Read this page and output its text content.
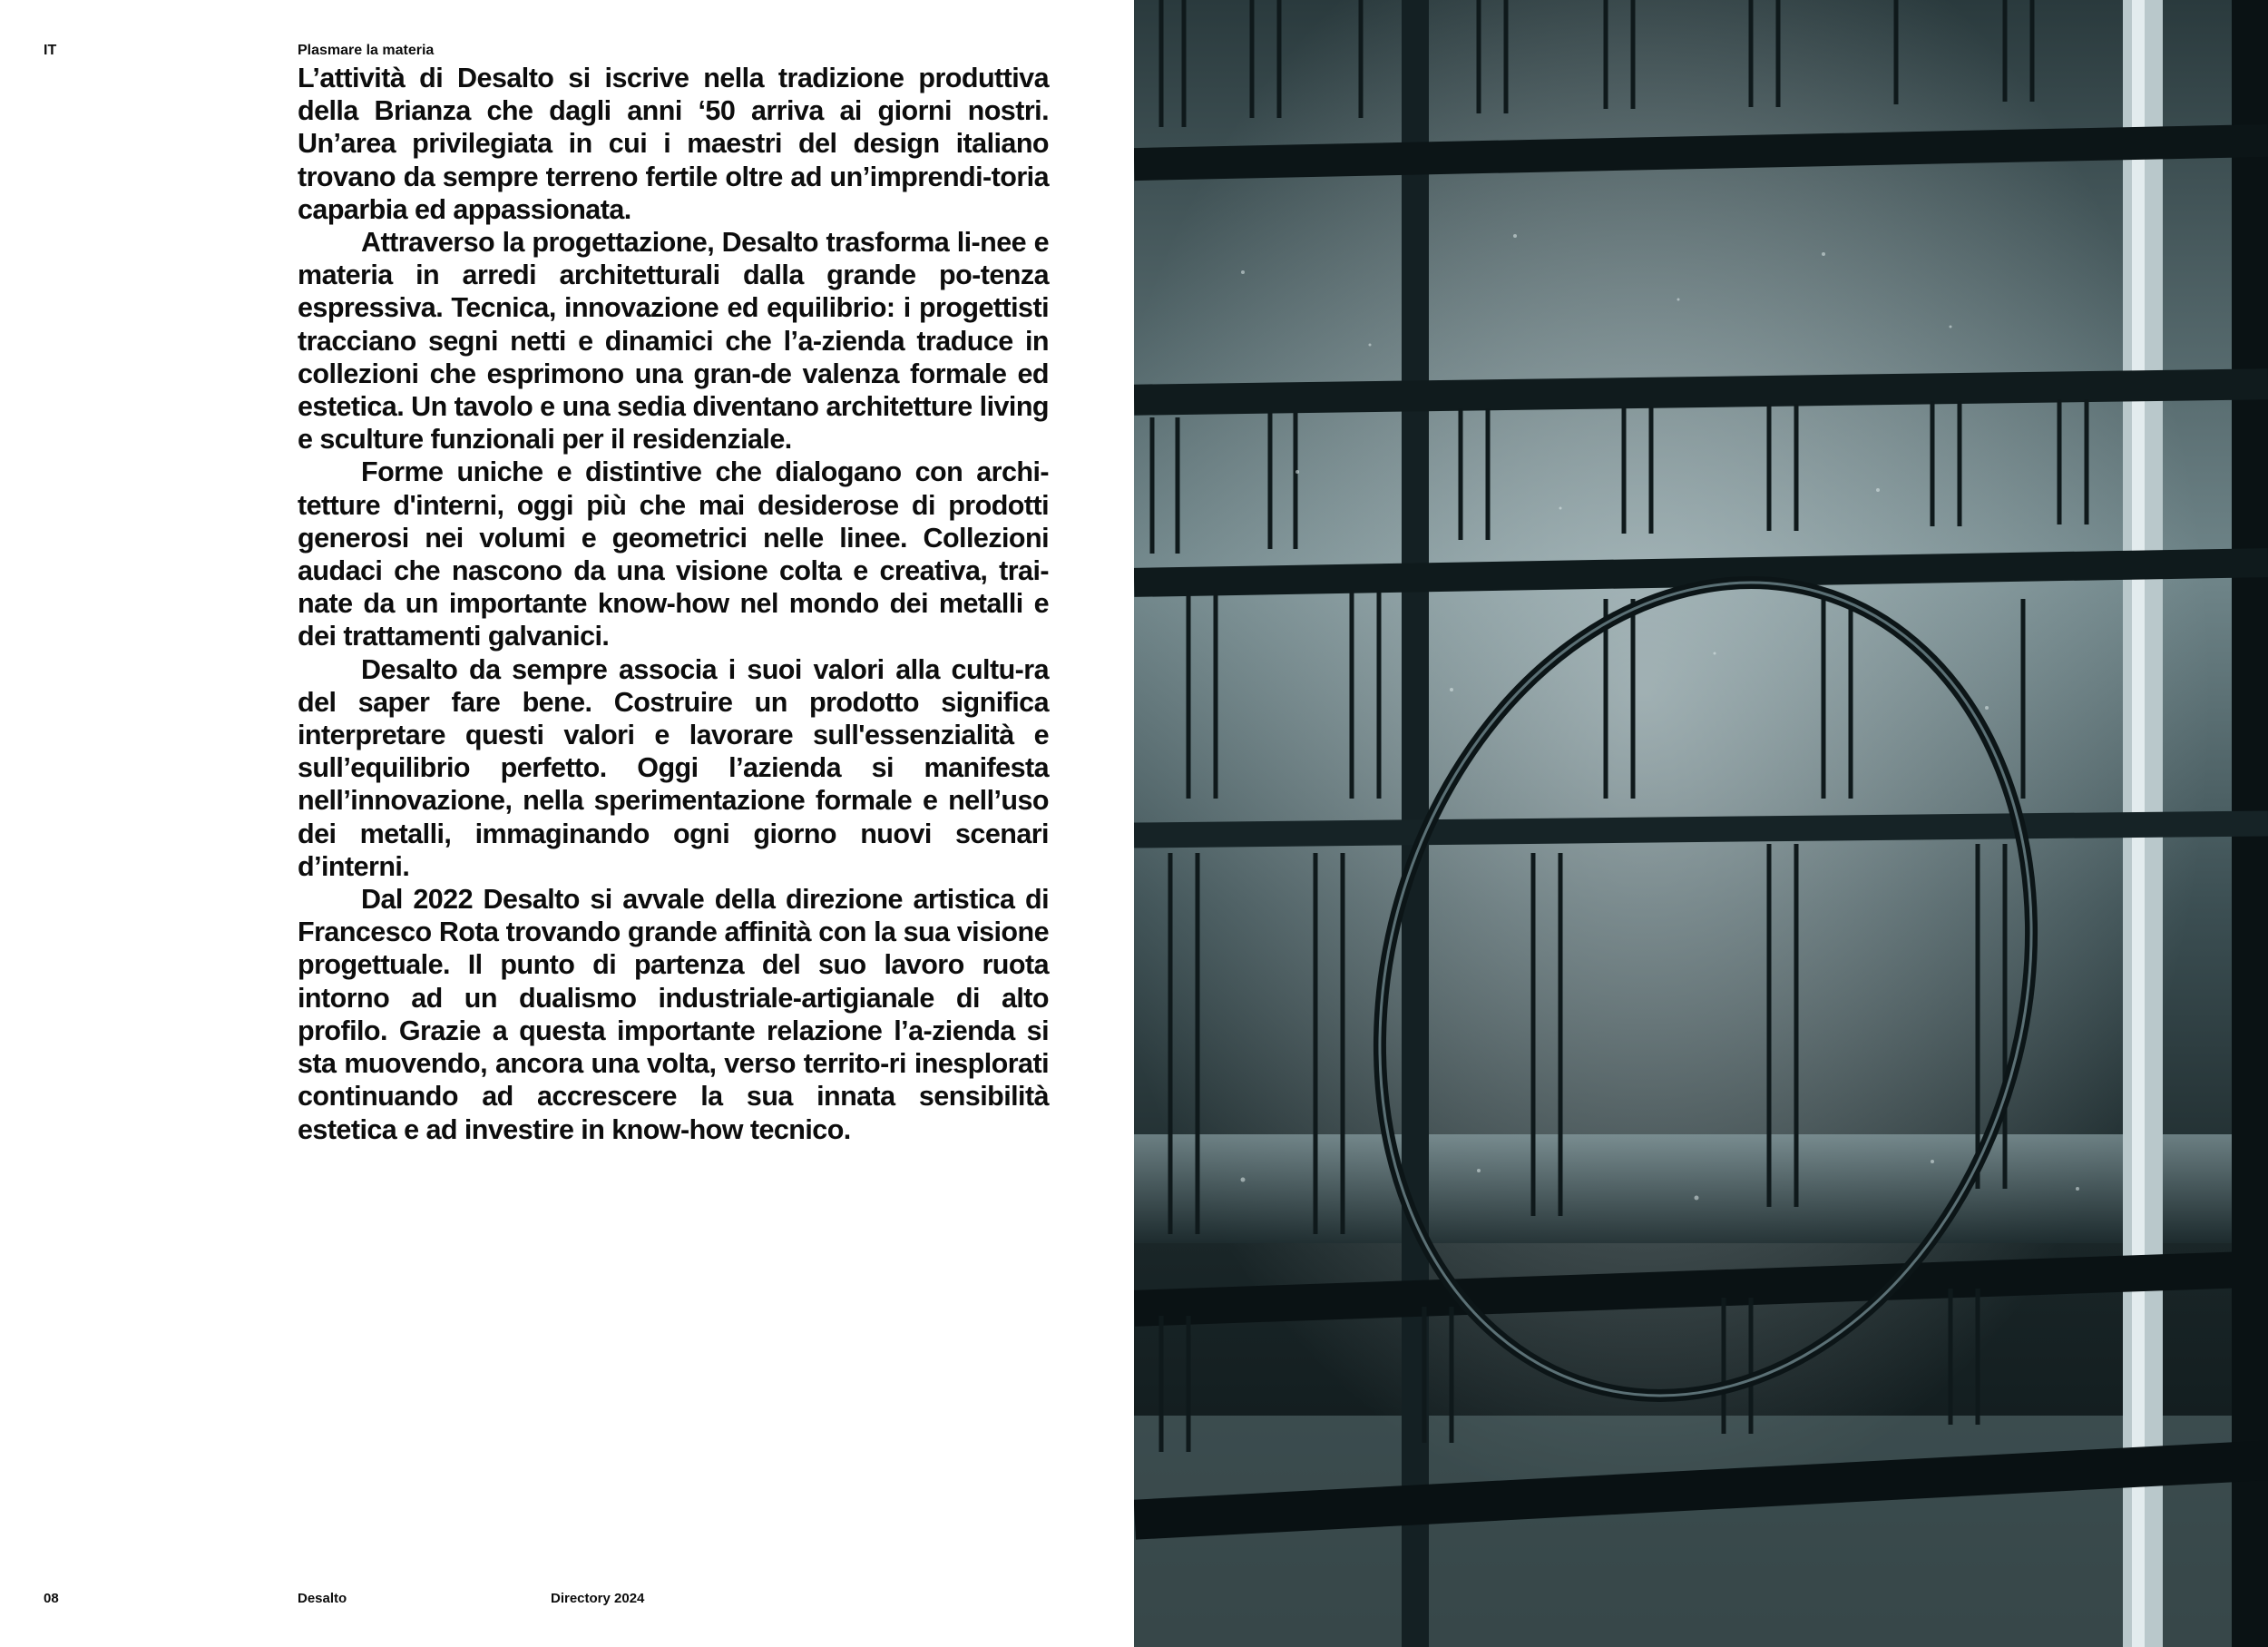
IT	Plasmare la materia

L’attività di Desalto si iscrive nella tradizione produttiva della Brianza che dagli anni ‘50 arriva ai giorni nostri. Un’area privilegiata in cui i maestri del design italiano trovano da sempre terreno fertile oltre ad un’imprendi-toria caparbia ed appassionata.

Attraverso la progettazione, Desalto trasforma li-nee e materia in arredi architetturali dalla grande po-tenza espressiva. Tecnica, innovazione ed equilibrio: i progettisti tracciano segni netti e dinamici che l’a-zienda traduce in collezioni che esprimono una gran-de valenza formale ed estetica. Un tavolo e una sedia diventano architetture living e sculture funzionali per il residenziale.

Forme uniche e distintive che dialogano con archi-tetture d'interni, oggi più che mai desiderose di prodotti generosi nei volumi e geometrici nelle linee. Collezioni audaci che nascono da una visione colta e creativa, trai-nate da un importante know-how nel mondo dei metalli e dei trattamenti galvanici.

Desalto da sempre associa i suoi valori alla cultu-ra del saper fare bene. Costruire un prodotto significa interpretare questi valori e lavorare sull'essenzialità e sull’equilibrio perfetto. Oggi l’azienda si manifesta nell’innovazione, nella sperimentazione formale e nell’uso dei metalli, immaginando ogni giorno nuovi scenari d’interni.

Dal 2022 Desalto si avvale della direzione artistica di Francesco Rota trovando grande affinità con la sua visione progettuale. Il punto di partenza del suo lavoro ruota intorno ad un dualismo industriale-artigianale di alto profilo. Grazie a questa importante relazione l’a-zienda si sta muovendo, ancora una volta, verso territo-ri inesplorati continuando ad accrescere la sua innata sensibilità estetica e ad investire in know-how tecnico.

08	Desalto	Directory 2024
